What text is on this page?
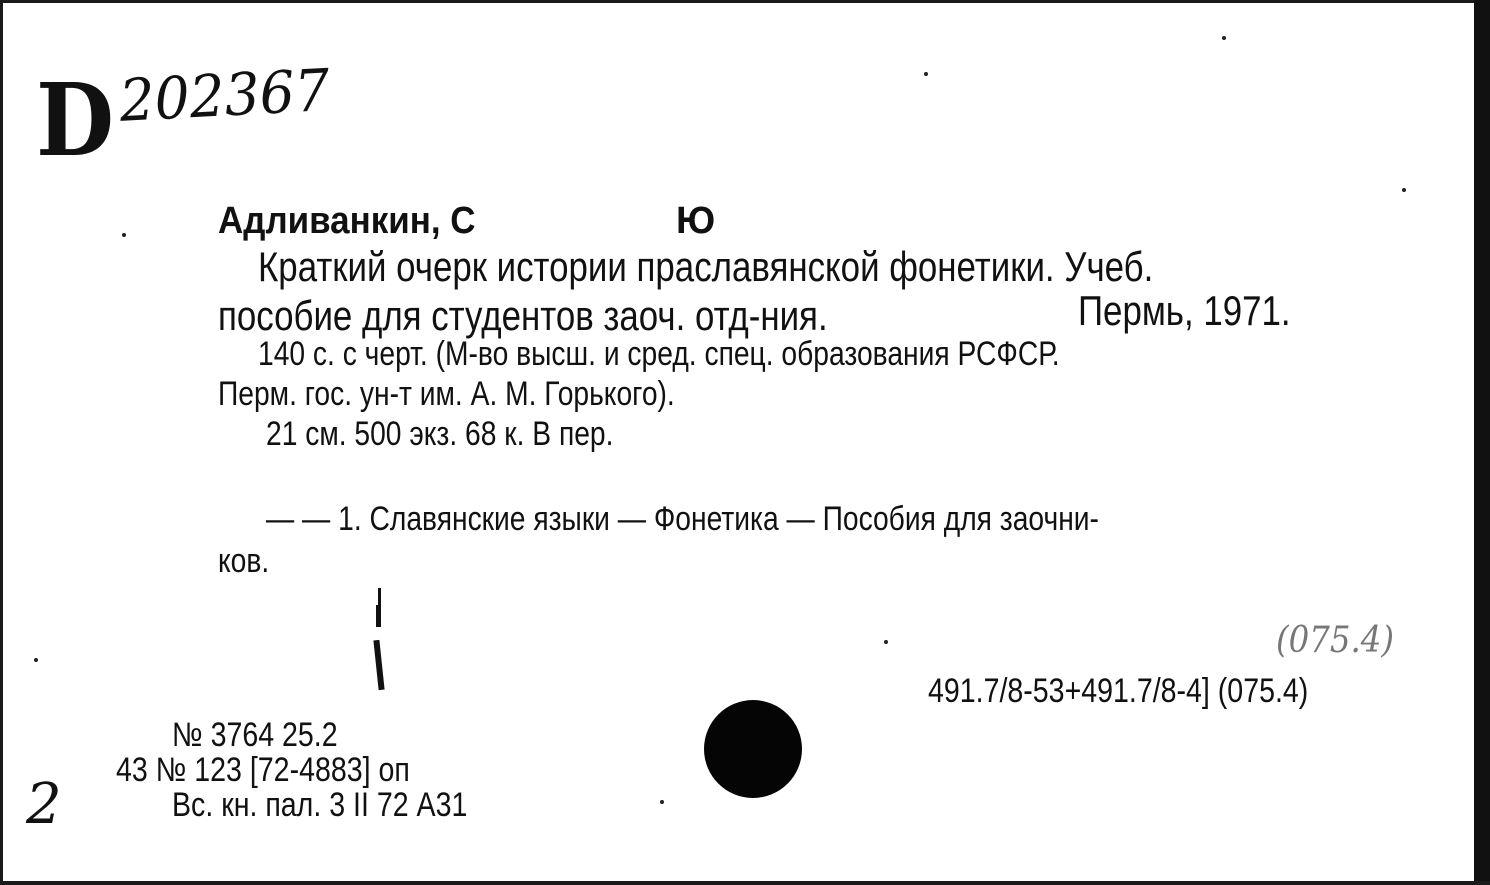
D 202367
Адливанкин, С	Ю
Краткий очерк истории праславянской фонетики. Учеб.
пособие для студентов заоч. отд-ния.	Пермь, 1971.
140 с. с черт. (М-во высш. и сред. спец. образования РСФСР.
Перм. гос. ун-т им. А. М. Горького).
21 см. 500 экз. 68 к. В пер.
— — 1. Славянские языки — Фонетика — Пособия для заочни-
ков.
(075.4)
491.7/8-53+491.7/8-4] (075.4)
№ 3764 25.2
43 № 123 [72-4883] оп
Вс. кн. пал. 3 II 72 А31
2
